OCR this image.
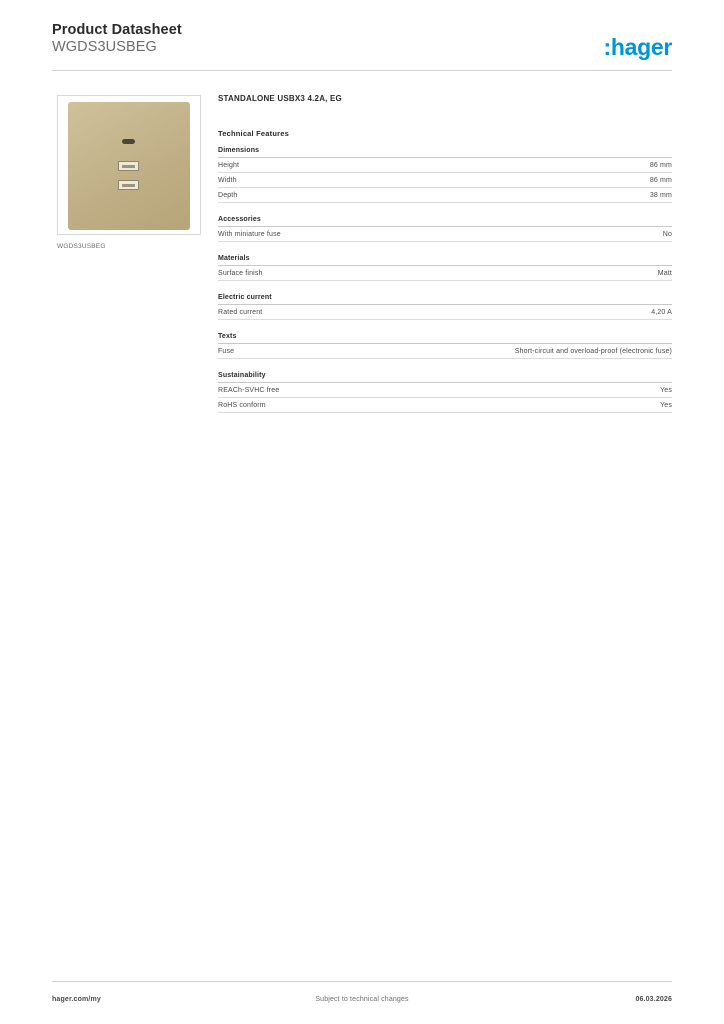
Product Datasheet
WGDS3USBEG	:hager
WGDS3USBEG
STANDALONE USBX3 4.2A, EG
Technical Features
Dimensions
Height	86 mm
Width	86 mm
Depth	38 mm
Accessories
With miniature fuse	No
Materials
Surface finish	Matt
Electric current
Rated current	4,20 A
Texts
Fuse	Short-circuit and overload-proof (electronic fuse)
Sustainability
REACh-SVHC free	Yes
RoHS conform	Yes
hager.com/my	Subject to technical changes	06.03.2026
